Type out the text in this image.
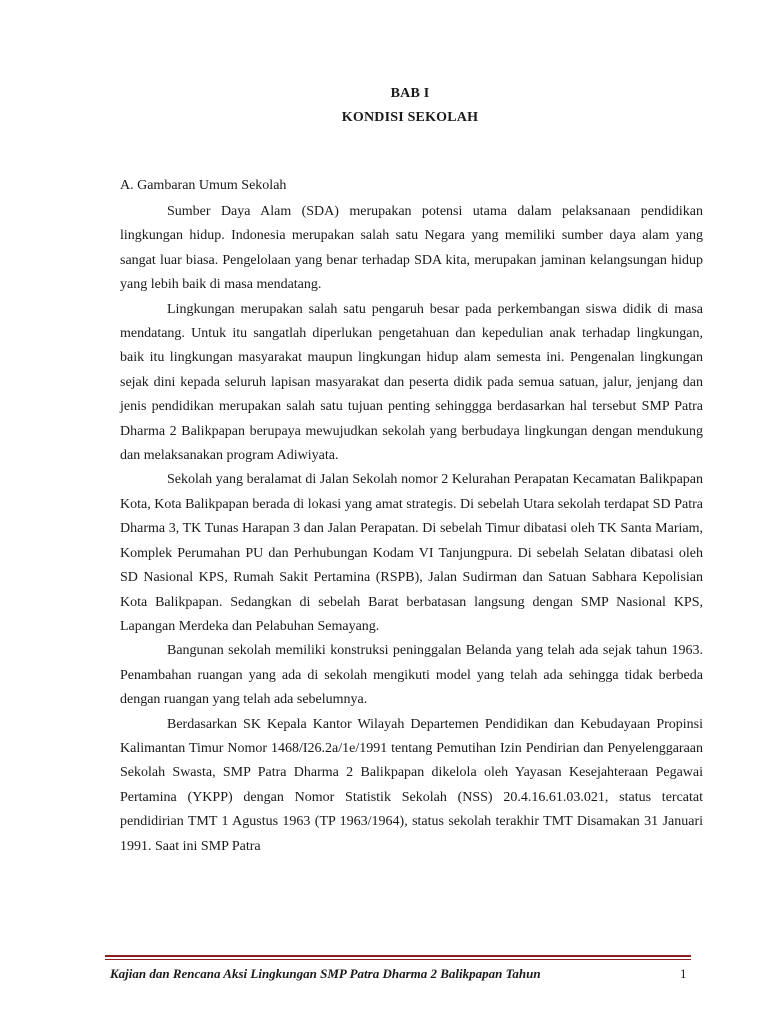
BAB I
KONDISI SEKOLAH
A. Gambaran Umum Sekolah

Sumber Daya Alam (SDA) merupakan potensi utama dalam pelaksanaan pendidikan lingkungan hidup. Indonesia merupakan salah satu Negara yang memiliki sumber daya alam yang sangat luar biasa. Pengelolaan yang benar terhadap SDA kita, merupakan jaminan kelangsungan hidup yang lebih baik di masa mendatang.

Lingkungan merupakan salah satu pengaruh besar pada perkembangan siswa didik di masa mendatang. Untuk itu sangatlah diperlukan pengetahuan dan kepedulian anak terhadap lingkungan, baik itu lingkungan masyarakat maupun lingkungan hidup alam semesta ini. Pengenalan lingkungan sejak dini kepada seluruh lapisan masyarakat dan peserta didik pada semua satuan, jalur, jenjang dan jenis pendidikan merupakan salah satu tujuan penting sehinggga berdasarkan hal tersebut SMP Patra Dharma 2 Balikpapan berupaya mewujudkan sekolah yang berbudaya lingkungan dengan mendukung dan melaksanakan program Adiwiyata.

Sekolah yang beralamat di Jalan Sekolah nomor 2 Kelurahan Perapatan Kecamatan Balikpapan Kota, Kota Balikpapan berada di lokasi yang amat strategis. Di sebelah Utara sekolah terdapat SD Patra Dharma 3, TK Tunas Harapan 3 dan Jalan Perapatan. Di sebelah Timur dibatasi oleh TK Santa Mariam, Komplek Perumahan PU dan Perhubungan Kodam VI Tanjungpura. Di sebelah Selatan dibatasi oleh SD Nasional KPS, Rumah Sakit Pertamina (RSPB), Jalan Sudirman dan Satuan Sabhara Kepolisian Kota Balikpapan. Sedangkan di sebelah Barat berbatasan langsung dengan SMP Nasional KPS, Lapangan Merdeka dan Pelabuhan Semayang.

Bangunan sekolah memiliki konstruksi peninggalan Belanda yang telah ada sejak tahun 1963. Penambahan ruangan yang ada di sekolah mengikuti model yang telah ada sehingga tidak berbeda dengan ruangan yang telah ada sebelumnya.

Berdasarkan SK Kepala Kantor Wilayah Departemen Pendidikan dan Kebudayaan Propinsi Kalimantan Timur Nomor 1468/I26.2a/1e/1991 tentang Pemutihan Izin Pendirian dan Penyelenggaraan Sekolah Swasta, SMP Patra Dharma 2 Balikpapan dikelola oleh Yayasan Kesejahteraan Pegawai Pertamina (YKPP) dengan Nomor Statistik Sekolah (NSS) 20.4.16.61.03.021, status tercatat pendidirian TMT 1 Agustus 1963 (TP 1963/1964), status sekolah terakhir TMT Disamakan 31 Januari 1991. Saat ini SMP Patra

Kajian dan Rencana Aksi Lingkungan SMP Patra Dharma 2 Balikpapan Tahun	1
